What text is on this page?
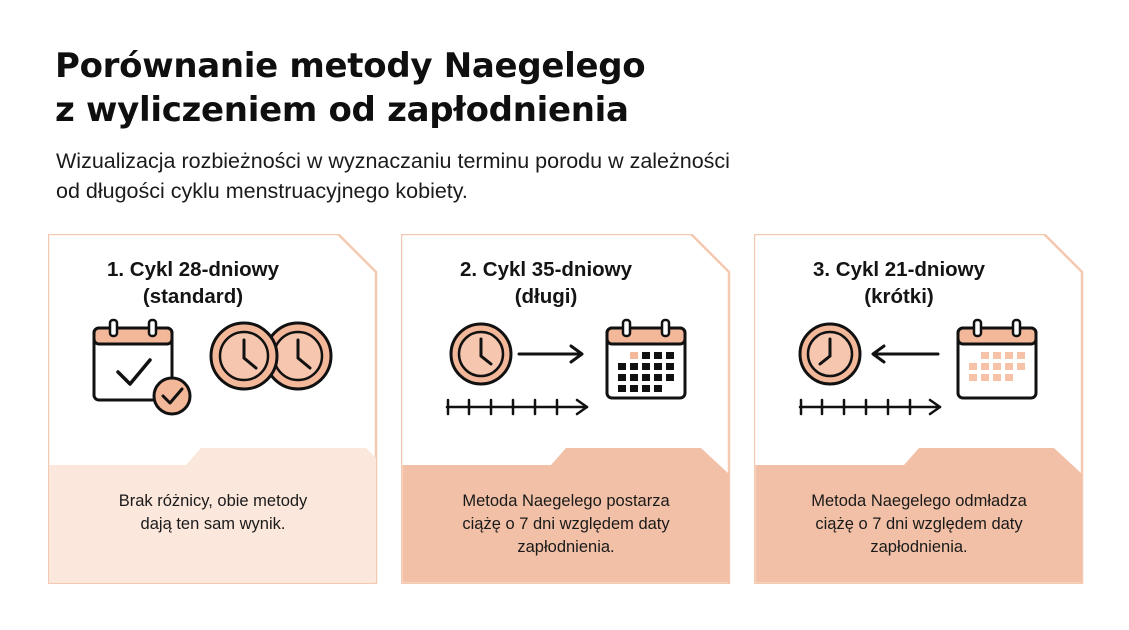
Porównanie metody Naegelego
z wyliczeniem od zapłodnienia

Wizualizacja rozbieżności w wyznaczaniu terminu porodu w zależności
od długości cyklu menstruacyjnego kobiety.

1. Cykl 28-dniowy
(standard)
Brak różnicy, obie metody
dają ten sam wynik.
2. Cykl 35-dniowy
(długi)
Metoda Naegelego postarza
ciążę o 7 dni względem daty
zapłodnienia.
3. Cykl 21-dniowy
(krótki)
Metoda Naegelego odmładza
ciążę o 7 dni względem daty
zapłodnienia.
